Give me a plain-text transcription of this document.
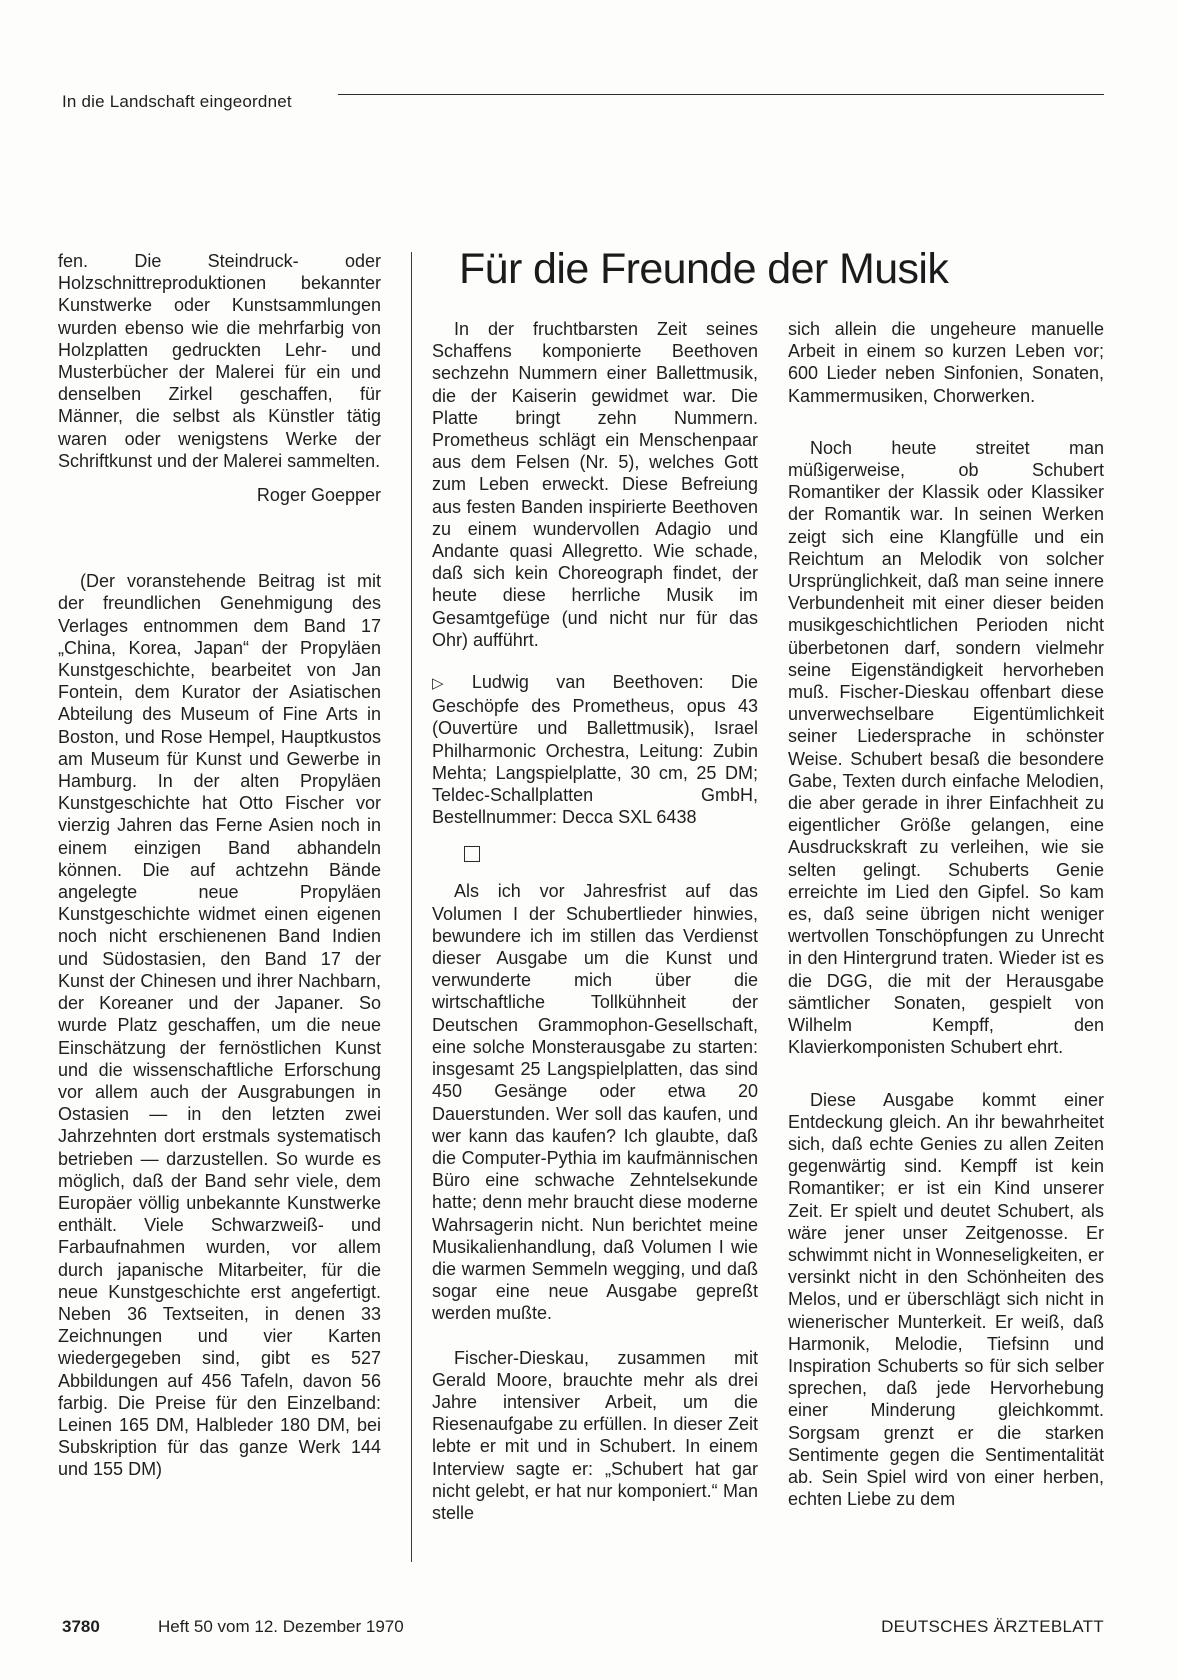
In die Landschaft eingeordnet

fen. Die Steindruck- oder Holzschnittreproduktionen bekannter Kunstwerke oder Kunstsammlungen wurden ebenso wie die mehrfarbig von Holzplatten gedruckten Lehr- und Musterbücher der Malerei für ein und denselben Zirkel geschaffen, für Männer, die selbst als Künstler tätig waren oder wenigstens Werke der Schriftkunst und der Malerei sammelten.

Roger Goepper

(Der voranstehende Beitrag ist mit der freundlichen Genehmigung des Verlages entnommen dem Band 17 „China, Korea, Japan“ der Propyläen Kunstgeschichte, bearbeitet von Jan Fontein, dem Kurator der Asiatischen Abteilung des Museum of Fine Arts in Boston, und Rose Hempel, Hauptkustos am Museum für Kunst und Gewerbe in Hamburg. In der alten Propyläen Kunstgeschichte hat Otto Fischer vor vierzig Jahren das Ferne Asien noch in einem einzigen Band abhandeln können. Die auf achtzehn Bände angelegte neue Propyläen Kunstgeschichte widmet einen eigenen noch nicht erschienenen Band Indien und Südostasien, den Band 17 der Kunst der Chinesen und ihrer Nachbarn, der Koreaner und der Japaner. So wurde Platz geschaffen, um die neue Einschätzung der fernöstlichen Kunst und die wissenschaftliche Erforschung vor allem auch der Ausgrabungen in Ostasien — in den letzten zwei Jahrzehnten dort erstmals systematisch betrieben — darzustellen. So wurde es möglich, daß der Band sehr viele, dem Europäer völlig unbekannte Kunstwerke enthält. Viele Schwarzweiß- und Farbaufnahmen wurden, vor allem durch japanische Mitarbeiter, für die neue Kunstgeschichte erst angefertigt. Neben 36 Textseiten, in denen 33 Zeichnungen und vier Karten wiedergegeben sind, gibt es 527 Abbildungen auf 456 Tafeln, davon 56 farbig. Die Preise für den Einzelband: Leinen 165 DM, Halbleder 180 DM, bei Subskription für das ganze Werk 144 und 155 DM)

Für die Freunde der Musik

In der fruchtbarsten Zeit seines Schaffens komponierte Beethoven sechzehn Nummern einer Ballettmusik, die der Kaiserin gewidmet war. Die Platte bringt zehn Nummern. Prometheus schlägt ein Menschenpaar aus dem Felsen (Nr. 5), welches Gott zum Leben erweckt. Diese Befreiung aus festen Banden inspirierte Beethoven zu einem wundervollen Adagio und Andante quasi Allegretto. Wie schade, daß sich kein Choreograph findet, der heute diese herrliche Musik im Gesamtgefüge (und nicht nur für das Ohr) aufführt.

▷ Ludwig van Beethoven: Die Geschöpfe des Prometheus, opus 43 (Ouvertüre und Ballettmusik), Israel Philharmonic Orchestra, Leitung: Zubin Mehta; Langspielplatte, 30 cm, 25 DM; Teldec-Schallplatten GmbH, Bestellnummer: Decca SXL 6438

Als ich vor Jahresfrist auf das Volumen I der Schubertlieder hinwies, bewundere ich im stillen das Verdienst dieser Ausgabe um die Kunst und verwunderte mich über die wirtschaftliche Tollkühnheit der Deutschen Grammophon-Gesellschaft, eine solche Monsterausgabe zu starten: insgesamt 25 Langspielplatten, das sind 450 Gesänge oder etwa 20 Dauerstunden. Wer soll das kaufen, und wer kann das kaufen? Ich glaubte, daß die Computer-Pythia im kaufmännischen Büro eine schwache Zehntelsekunde hatte; denn mehr braucht diese moderne Wahrsagerin nicht. Nun berichtet meine Musikalienhandlung, daß Volumen I wie die warmen Semmeln wegging, und daß sogar eine neue Ausgabe gepreßt werden mußte.

Fischer-Dieskau, zusammen mit Gerald Moore, brauchte mehr als drei Jahre intensiver Arbeit, um die Riesenaufgabe zu erfüllen. In dieser Zeit lebte er mit und in Schubert. In einem Interview sagte er: „Schubert hat gar nicht gelebt, er hat nur komponiert.“ Man stelle

sich allein die ungeheure manuelle Arbeit in einem so kurzen Leben vor; 600 Lieder neben Sinfonien, Sonaten, Kammermusiken, Chorwerken.

Noch heute streitet man müßigerweise, ob Schubert Romantiker der Klassik oder Klassiker der Romantik war. In seinen Werken zeigt sich eine Klangfülle und ein Reichtum an Melodik von solcher Ursprünglichkeit, daß man seine innere Verbundenheit mit einer dieser beiden musikgeschichtlichen Perioden nicht überbetonen darf, sondern vielmehr seine Eigenständigkeit hervorheben muß. Fischer-Dieskau offenbart diese unverwechselbare Eigentümlichkeit seiner Liedersprache in schönster Weise. Schubert besaß die besondere Gabe, Texten durch einfache Melodien, die aber gerade in ihrer Einfachheit zu eigentlicher Größe gelangen, eine Ausdruckskraft zu verleihen, wie sie selten gelingt. Schuberts Genie erreichte im Lied den Gipfel. So kam es, daß seine übrigen nicht weniger wertvollen Tonschöpfungen zu Unrecht in den Hintergrund traten. Wieder ist es die DGG, die mit der Herausgabe sämtlicher Sonaten, gespielt von Wilhelm Kempff, den Klavierkomponisten Schubert ehrt.

Diese Ausgabe kommt einer Entdeckung gleich. An ihr bewahrheitet sich, daß echte Genies zu allen Zeiten gegenwärtig sind. Kempff ist kein Romantiker; er ist ein Kind unserer Zeit. Er spielt und deutet Schubert, als wäre jener unser Zeitgenosse. Er schwimmt nicht in Wonneseligkeiten, er versinkt nicht in den Schönheiten des Melos, und er überschlägt sich nicht in wienerischer Munterkeit. Er weiß, daß Harmonik, Melodie, Tiefsinn und Inspiration Schuberts so für sich selber sprechen, daß jede Hervorhebung einer Minderung gleichkommt. Sorgsam grenzt er die starken Sentimente gegen die Sentimentalität ab. Sein Spiel wird von einer herben, echten Liebe zu dem

3780	Heft 50 vom 12. Dezember 1970	DEUTSCHES ÄRZTEBLATT
